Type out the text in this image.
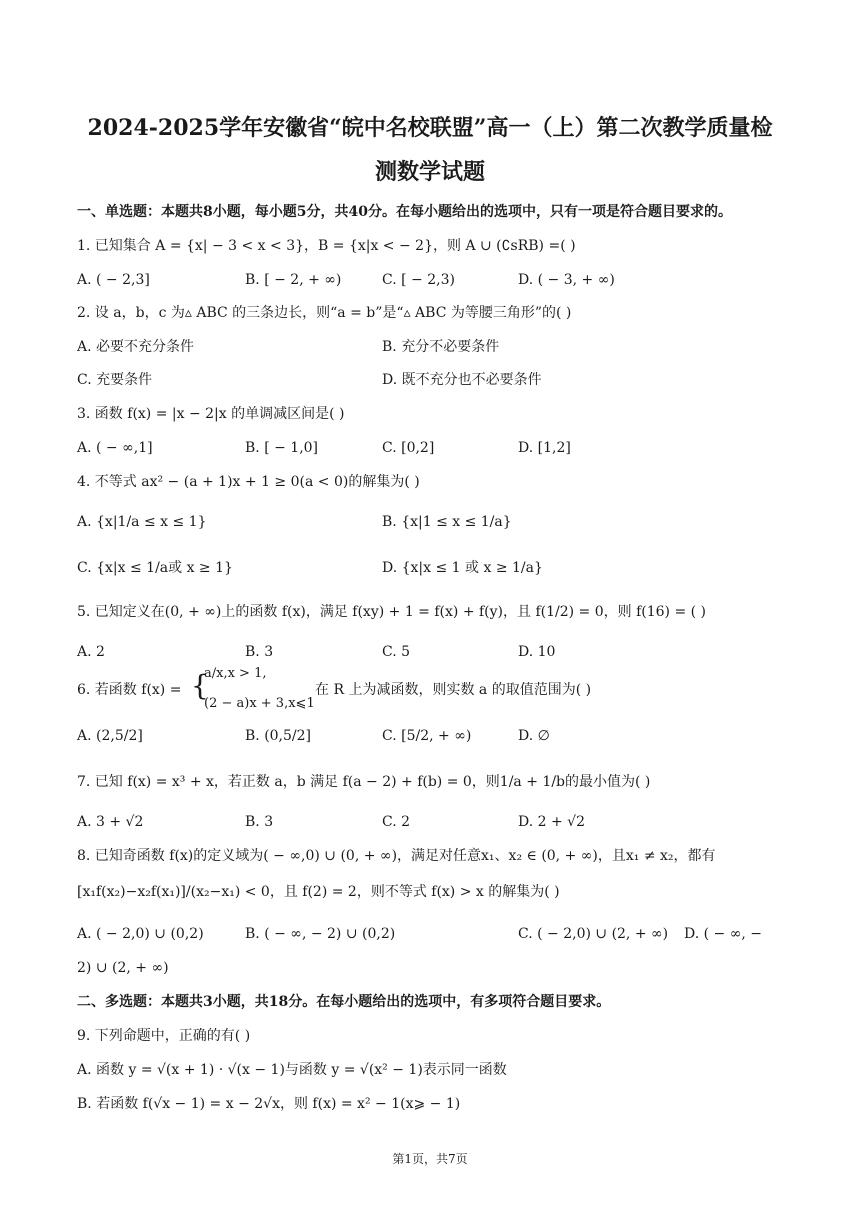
2024-2025学年安徽省“皖中名校联盟”高一（上）第二次教学质量检
测数学试题
一、单选题：本题共8小题，每小题5分，共40分。在每小题给出的选项中，只有一项是符合题目要求的。
1. 已知集合 A = {x| − 3 < x < 3}，B = {x|x < − 2}，则 A ∪ (∁ꜱRB) =( )
A. ( − 2,3]	B. [ − 2, + ∞)	C. [ − 2,3)	D. ( − 3, + ∞)
2. 设 a，b，c 为▵ ABC 的三条边长，则“a = b”是“▵ ABC 为等腰三角形”的( )
A. 必要不充分条件	B. 充分不必要条件
C. 充要条件	D. 既不充分也不必要条件
3. 函数 f(x) = |x − 2|x 的单调减区间是( )
A. ( − ∞,1]	B. [ − 1,0]	C. [0,2]	D. [1,2]
4. 不等式 ax² − (a + 1)x + 1 ≥ 0(a < 0)的解集为( )
A. {x|1/a ≤ x ≤ 1}	B. {x|1 ≤ x ≤ 1/a}
C. {x|x ≤ 1/a或 x ≥ 1}	D. {x|x ≤ 1 或 x ≥ 1/a}
5. 已知定义在(0, + ∞)上的函数 f(x)，满足 f(xy) + 1 = f(x) + f(y)，且 f(1/2) = 0，则 f(16) = ( )
A. 2	B. 3	C. 5	D. 10
6. 若函数 f(x) = {
a/x,x > 1,
(2 − a)x + 3,x⩽1
在 R 上为减函数，则实数 a 的取值范围为( )
A. (2,5/2]	B. (0,5/2]	C. [5/2, + ∞)	D. ∅
7. 已知 f(x) = x³ + x，若正数 a，b 满足 f(a − 2) + f(b) = 0，则1/a + 1/b的最小值为( )
A. 3 + √2	B. 3	C. 2	D. 2 + √2
8. 已知奇函数 f(x)的定义域为( − ∞,0) ∪ (0, + ∞)，满足对任意x₁、x₂ ∈ (0, + ∞)，且x₁ ≠ x₂，都有
[x₁f(x₂)−x₂f(x₁)]/(x₂−x₁) < 0，且 f(2) = 2，则不等式 f(x) > x 的解集为( )
A. ( − 2,0) ∪ (0,2)	B. ( − ∞, − 2) ∪ (0,2)	C. ( − 2,0) ∪ (2, + ∞) D. ( − ∞, −
2) ∪ (2, + ∞)
二、多选题：本题共3小题，共18分。在每小题给出的选项中，有多项符合题目要求。
9. 下列命题中，正确的有( )
A. 函数 y = √(x + 1) · √(x − 1)与函数 y = √(x² − 1)表示同一函数
B. 若函数 f(√x − 1) = x − 2√x，则 f(x) = x² − 1(x⩾ − 1)
第1页，共7页
